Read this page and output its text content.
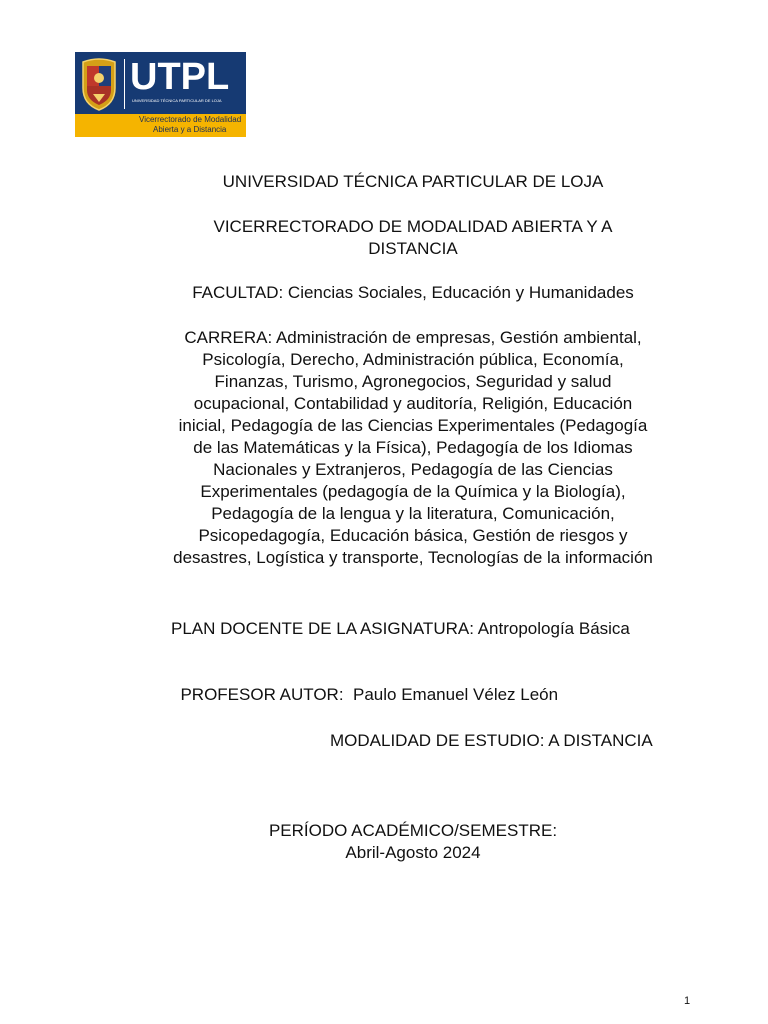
UTPL
UNIVERSIDAD TÉCNICA PARTICULAR DE LOJA
Vicerrectorado de Modalidad
Abierta y a Distancia
UNIVERSIDAD TÉCNICA PARTICULAR DE LOJA
VICERRECTORADO DE MODALIDAD ABIERTA Y A
DISTANCIA
FACULTAD: Ciencias Sociales, Educación y Humanidades
CARRERA: Administración de empresas, Gestión ambiental,
Psicología, Derecho, Administración pública, Economía,
Finanzas, Turismo, Agronegocios, Seguridad y salud
ocupacional, Contabilidad y auditoría, Religión, Educación
inicial, Pedagogía de las Ciencias Experimentales (Pedagogía
de las Matemáticas y la Física), Pedagogía de los Idiomas
Nacionales y Extranjeros, Pedagogía de las Ciencias
Experimentales (pedagogía de la Química y la Biología),
Pedagogía de la lengua y la literatura, Comunicación,
Psicopedagogía, Educación básica, Gestión de riesgos y
desastres, Logística y transporte, Tecnologías de la información
PLAN DOCENTE DE LA ASIGNATURA: Antropología Básica

PROFESOR AUTOR:  Paulo Emanuel Vélez León

MODALIDAD DE ESTUDIO: A DISTANCIA
PERÍODO ACADÉMICO/SEMESTRE:
Abril-Agosto 2024
1
